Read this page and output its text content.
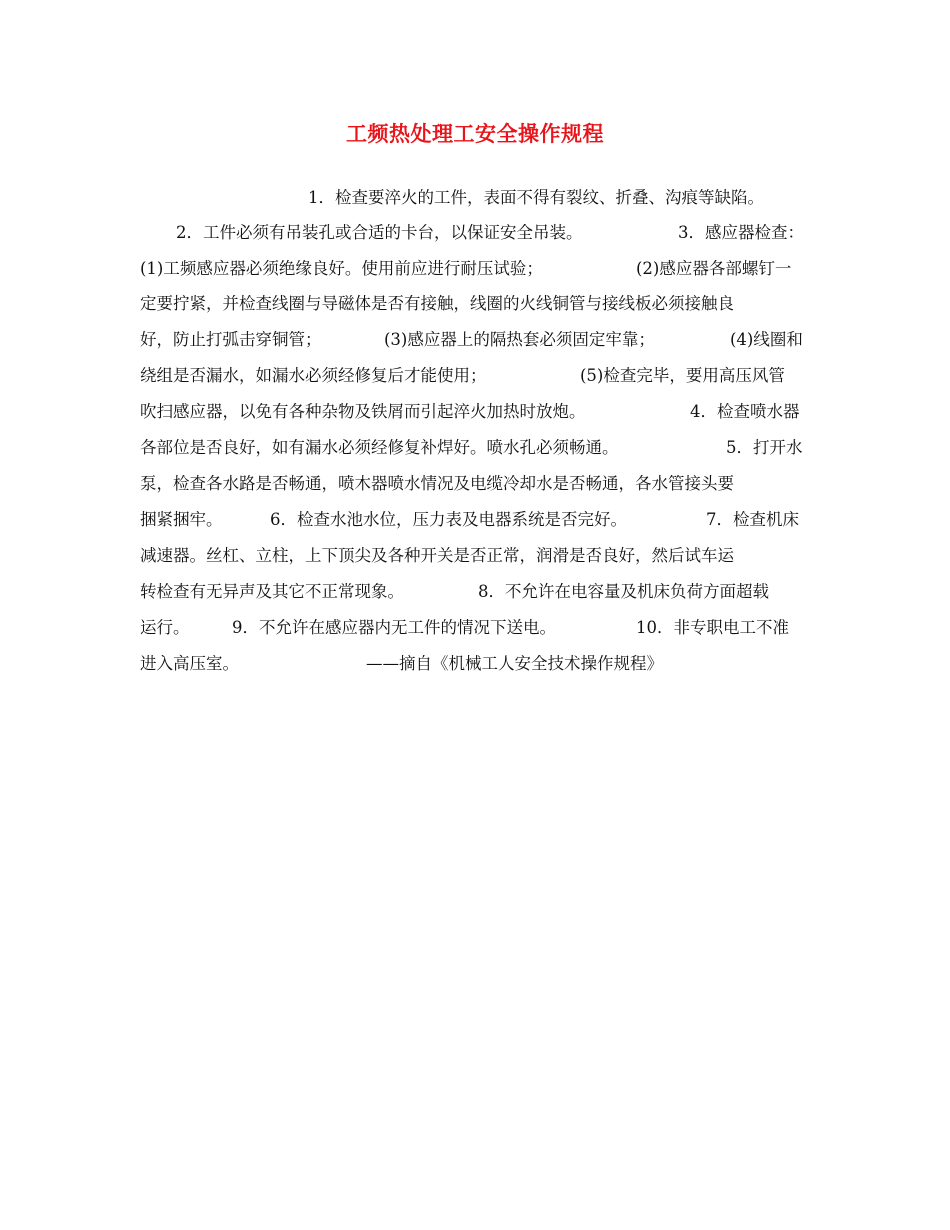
工频热处理工安全操作规程
1．检查要淬火的工件，表面不得有裂纹、折叠、沟痕等缺陷。
2．工件必须有吊装孔或合适的卡台，以保证安全吊装。	3．感应器检查：
(1)工频感应器必须绝缘良好。使用前应进行耐压试验；	(2)感应器各部螺钉一
定要拧紧，并检查线圈与导磁体是否有接触，线圈的火线铜管与接线板必须接触良
好，防止打弧击穿铜管；	(3)感应器上的隔热套必须固定牢靠；	(4)线圈和
绕组是否漏水，如漏水必须经修复后才能使用；	(5)检查完毕，要用高压风管
吹扫感应器，以免有各种杂物及铁屑而引起淬火加热时放炮。	4．检查喷水器
各部位是否良好，如有漏水必须经修复补焊好。喷水孔必须畅通。	5．打开水
泵，检查各水路是否畅通，喷木器喷水情况及电缆冷却水是否畅通，各水管接头要
捆紧捆牢。	6．检查水池水位，压力表及电器系统是否完好。	7．检查机床
减速器。丝杠、立柱，上下顶尖及各种开关是否正常，润滑是否良好，然后试车运
转检查有无异声及其它不正常现象。	8．不允许在电容量及机床负荷方面超载
运行。	9．不允许在感应器内无工件的情况下送电。	10．非专职电工不准
进入高压室。	——摘自《机械工人安全技术操作规程》
